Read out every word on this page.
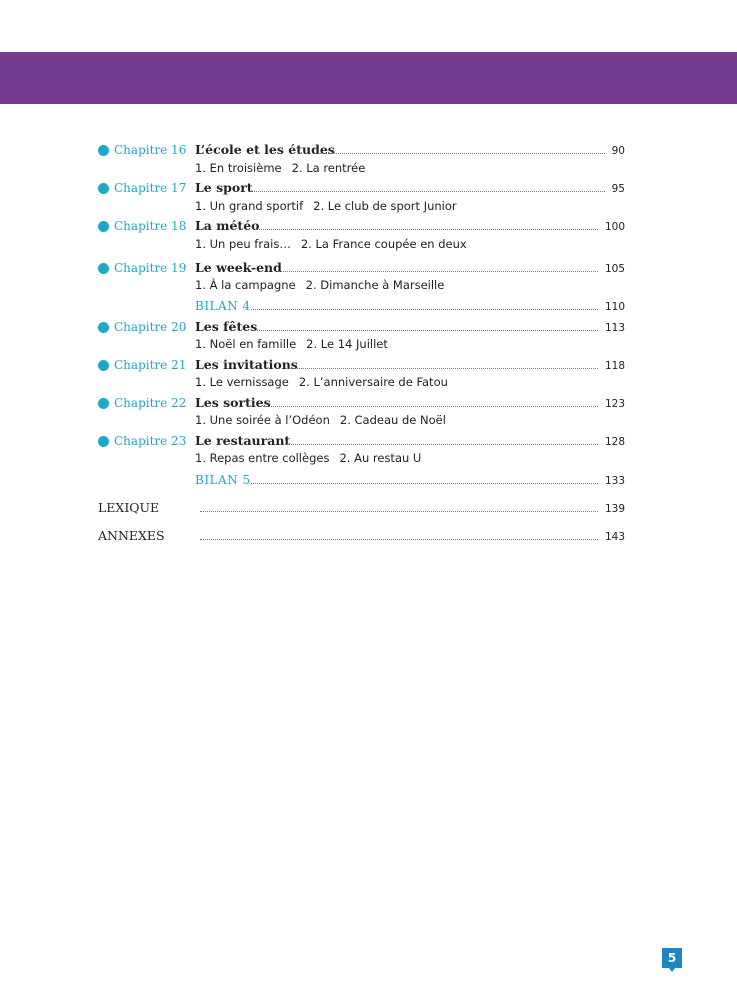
Chapitre 16 L’école et les études	90
1. En troisième 2. La rentrée
Chapitre 17 Le sport	95
1. Un grand sportif 2. Le club de sport Junior
Chapitre 18 La météo	100
1. Un peu frais… 2. La France coupée en deux
Chapitre 19 Le week-end	105
1. À la campagne 2. Dimanche à Marseille
BILAN 4	110
Chapitre 20 Les fêtes	113
1. Noël en famille 2. Le 14 Juillet
Chapitre 21 Les invitations	118
1. Le vernissage 2. L’anniversaire de Fatou
Chapitre 22 Les sorties	123
1. Une soirée à l’Odéon 2. Cadeau de Noël
Chapitre 23 Le restaurant	128
1. Repas entre collèges 2. Au restau U
BILAN 5	133
LEXIQUE	139
ANNEXES	143
5
